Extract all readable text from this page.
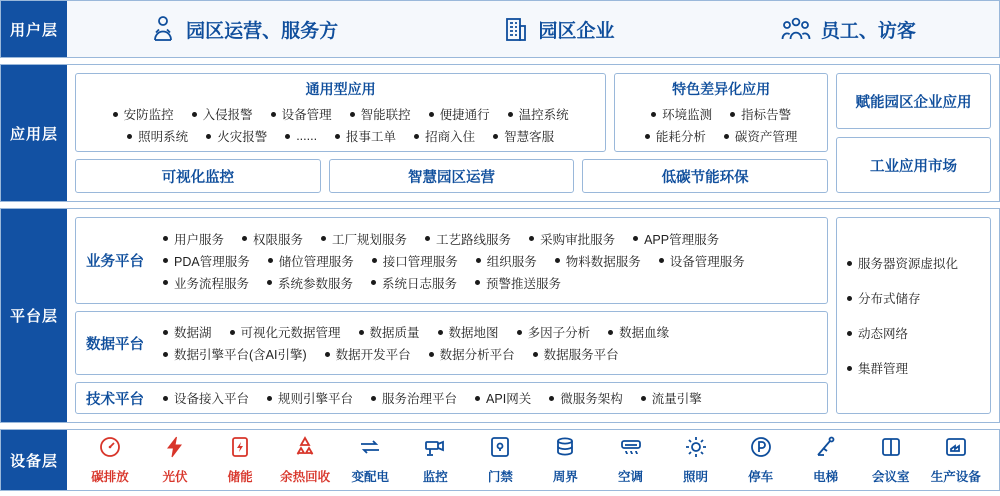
用户层	园区运营、服务方	园区企业	员工、访客
应用层
通用型应用
安防监控	入侵报警	设备管理	智能联控	便捷通行	温控系统
照明系统	火灾报警	......	报事工单	招商入住	智慧客服
特色差异化应用
环境监测	指标告警
能耗分析	碳资产管理
可视化监控	智慧园区运营	低碳节能环保
赋能园区企业应用
工业应用市场
平台层
业务平台
用户服务	权限服务	工厂规划服务	工艺路线服务	采购审批服务	APP管理服务
PDA管理服务	储位管理服务	接口管理服务	组织服务	物料数据服务	设备管理服务
业务流程服务	系统参数服务	系统日志服务	预警推送服务
数据平台
数据湖	可视化元数据管理	数据质量	数据地图	多因子分析	数据血缘
数据引擎平台(含AI引擎)	数据开发平台	数据分析平台	数据服务平台
技术平台	设备接入平台	规则引擎平台	服务治理平台	API网关	微服务架构	流量引擎
服务器资源虚拟化
分布式储存
动态网络
集群管理
设备层
碳排放	光伏	储能 余热回收 变配电	监控	门禁	周界	空调	照明	停车	电梯	会议室 生产设备
